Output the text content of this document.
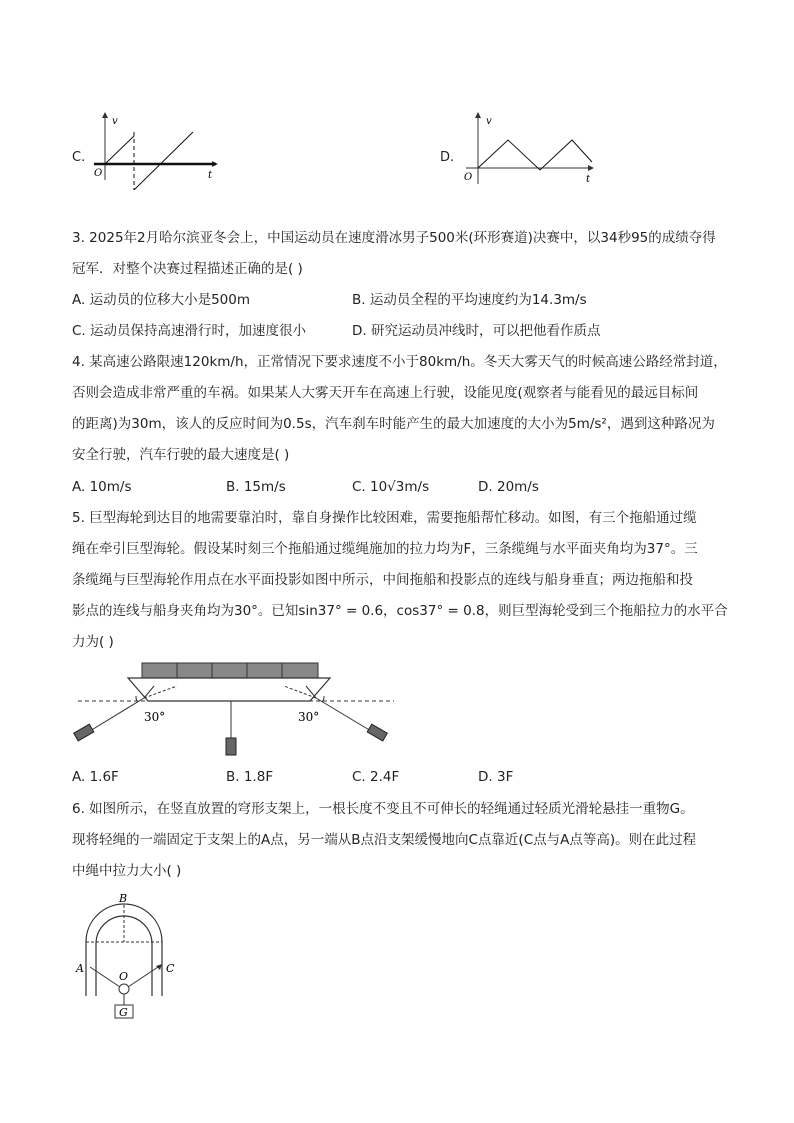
C.
v
t
O
D.
v
t
O
3. 2025年2月哈尔滨亚冬会上，中国运动员在速度滑冰男子500米(环形赛道)决赛中，以34秒95的成绩夺得
冠军．对整个决赛过程描述正确的是( )
A. 运动员的位移大小是500m	B. 运动员全程的平均速度约为14.3m/s
C. 运动员保持高速滑行时，加速度很小	D. 研究运动员冲线时，可以把他看作质点
4. 某高速公路限速120km/h，正常情况下要求速度不小于80km/h。冬天大雾天气的时候高速公路经常封道，
否则会造成非常严重的车祸。如果某人大雾天开车在高速上行驶，设能见度(观察者与能看见的最远目标间
的距离)为30m，该人的反应时间为0.5s，汽车刹车时能产生的最大加速度的大小为5m/s²，遇到这种路况为
安全行驶，汽车行驶的最大速度是( )
A. 10m/s	B. 15m/s	C. 10√3m/s	D. 20m/s
5. 巨型海轮到达目的地需要靠泊时，靠自身操作比较困难，需要拖船帮忙移动。如图，有三个拖船通过缆
绳在牵引巨型海轮。假设某时刻三个拖船通过缆绳施加的拉力均为F，三条缆绳与水平面夹角均为37°。三
条缆绳与巨型海轮作用点在水平面投影如图中所示，中间拖船和投影点的连线与船身垂直；两边拖船和投
影点的连线与船身夹角均为30°。已知sin37° = 0.6，cos37° = 0.8，则巨型海轮受到三个拖船拉力的水平合
力为( )
30°	30°
A. 1.6F	B. 1.8F	C. 2.4F	D. 3F
6. 如图所示，在竖直放置的穹形支架上，一根长度不变且不可伸长的轻绳通过轻质光滑轮悬挂一重物G。
现将轻绳的一端固定于支架上的A点，另一端从B点沿支架缓慢地向C点靠近(C点与A点等高)。则在此过程
中绳中拉力大小( )
B
A	C
O
G
